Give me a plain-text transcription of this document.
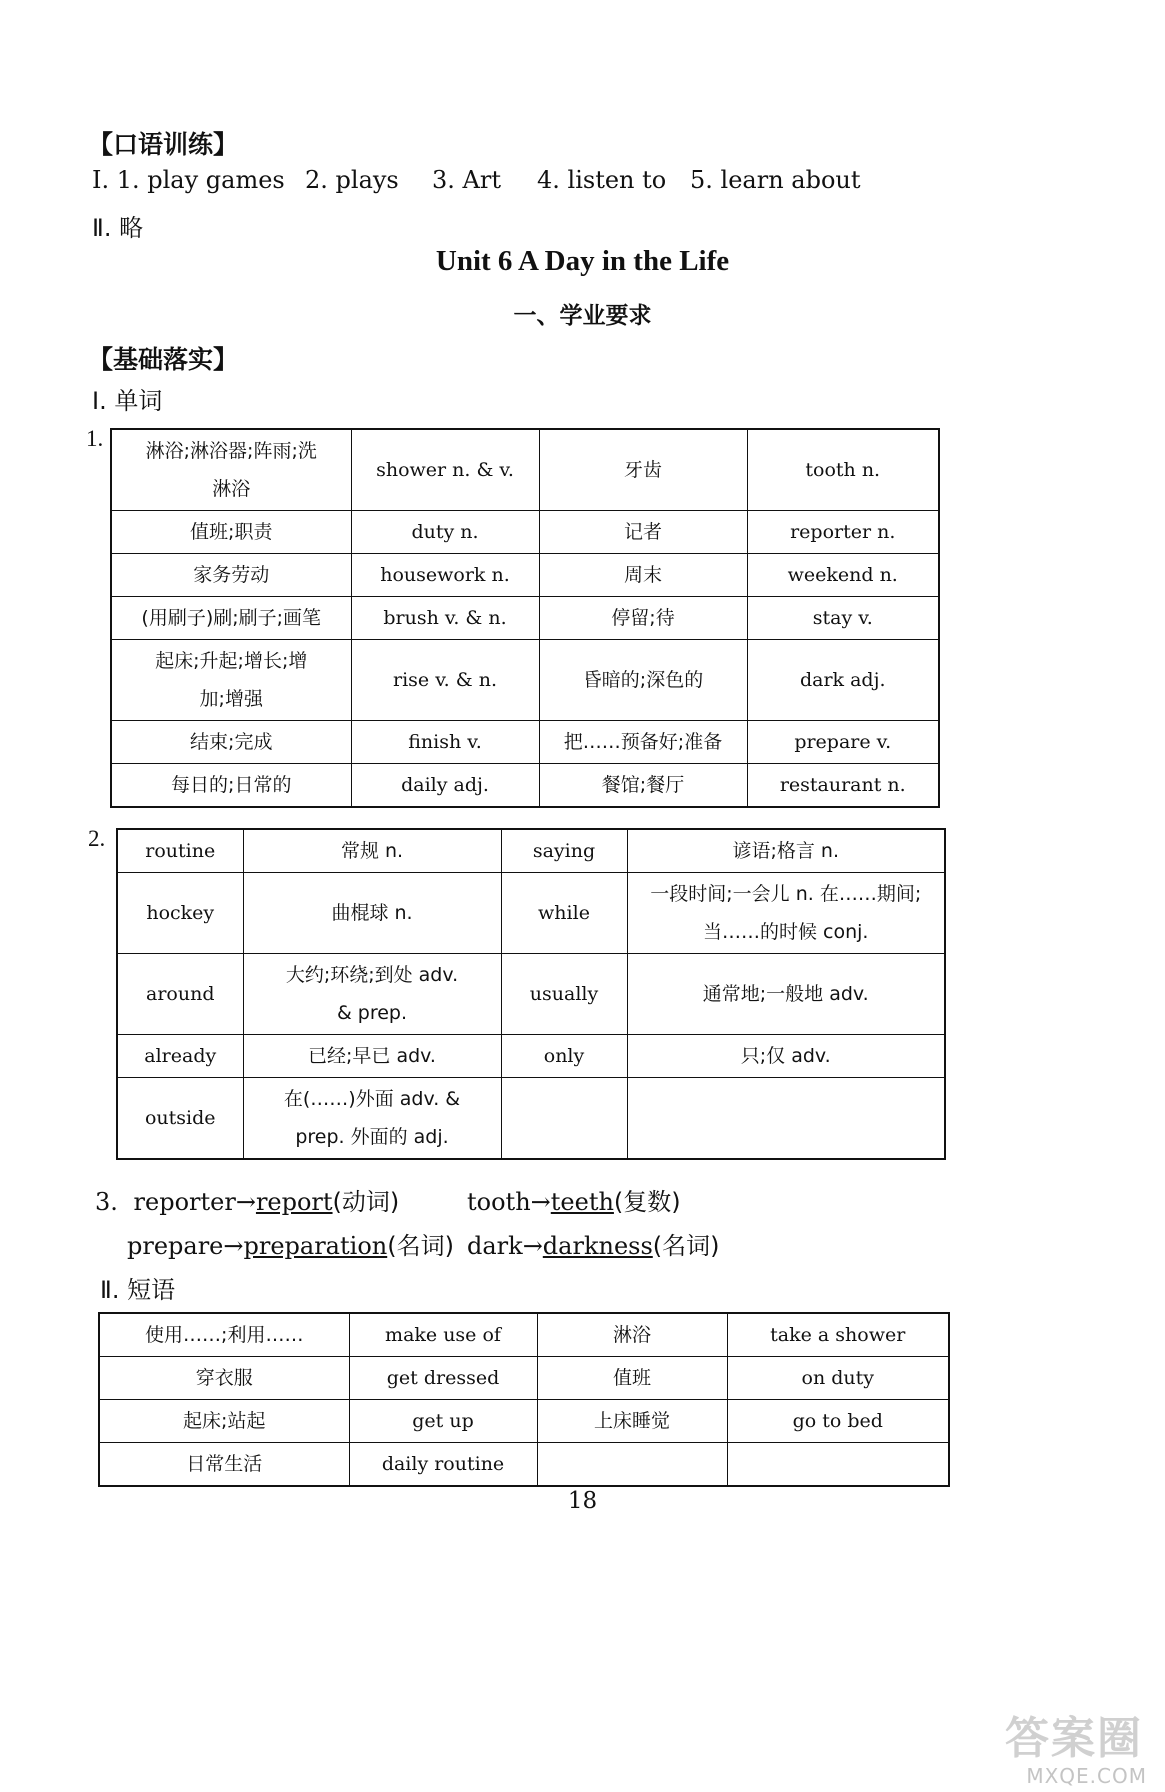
【口语训练】
Ⅰ. 1. play games 2. plays 3. Art 4. listen to 5. learn about
Ⅱ. 略
Unit 6 A Day in the Life
一、学业要求
【基础落实】
Ⅰ. 单词
1. 淋浴;淋浴器;阵雨;洗淋浴	shower n. & v.	牙齿	tooth n.
值班;职责	duty n.	记者	reporter n.
家务劳动	housework n.	周末	weekend n.
(用刷子)刷;刷子;画笔	brush v. & n.	停留;待	stay v.
起床;升起;增长;增加;增强	rise v. & n.	昏暗的;深色的	dark adj.
结束;完成	finish v.	把……预备好;准备	prepare v.
每日的;日常的	daily adj.	餐馆;餐厅	restaurant n.
2. routine	常规 n.	saying	谚语;格言 n.
hockey	曲棍球 n.	while	一段时间;一会儿 n. 在……期间;当……的时候 conj.
around	大约;环绕;到处 adv. & prep.	usually	通常地;一般地 adv.
already	已经;早已 adv.	only	只;仅 adv.
outside	在(……)外面 adv. & prep. 外面的 adj.		
3. reporter→report(动词)	tooth→teeth(复数)
prepare→preparation(名词) dark→darkness(名词)
Ⅱ. 短语
使用……;利用……	make use of	淋浴	take a shower
穿衣服	get dressed	值班	on duty
起床;站起	get up	上床睡觉	go to bed
日常生活	daily routine		
18
答案圈
MXQE.COM
